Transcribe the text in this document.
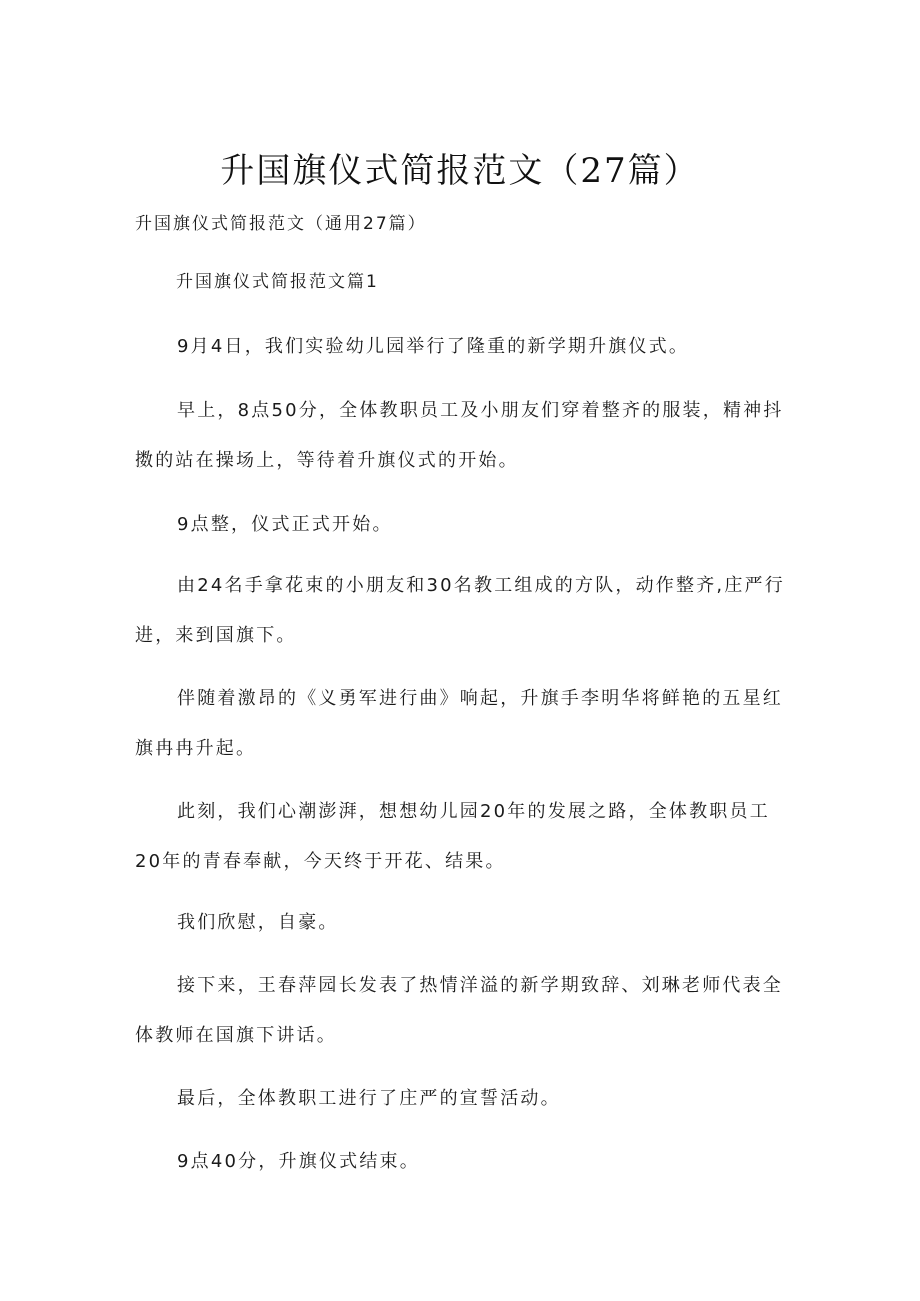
升国旗仪式简报范文（27篇）
升国旗仪式简报范文（通用27篇）
升国旗仪式简报范文篇1

9月4日，我们实验幼儿园举行了隆重的新学期升旗仪式。

早上，8点50分，全体教职员工及小朋友们穿着整齐的服装，精神抖擞的站在操场上，等待着升旗仪式的开始。

9点整，仪式正式开始。

由24名手拿花束的小朋友和30名教工组成的方队，动作整齐,庄严行进，来到国旗下。

伴随着激昂的《义勇军进行曲》响起，升旗手李明华将鲜艳的五星红旗冉冉升起。

此刻，我们心潮澎湃，想想幼儿园20年的发展之路，全体教职员工20年的青春奉献，今天终于开花、结果。

我们欣慰，自豪。

接下来，王春萍园长发表了热情洋溢的新学期致辞、刘琳老师代表全体教师在国旗下讲话。

最后，全体教职工进行了庄严的宣誓活动。

9点40分，升旗仪式结束。
